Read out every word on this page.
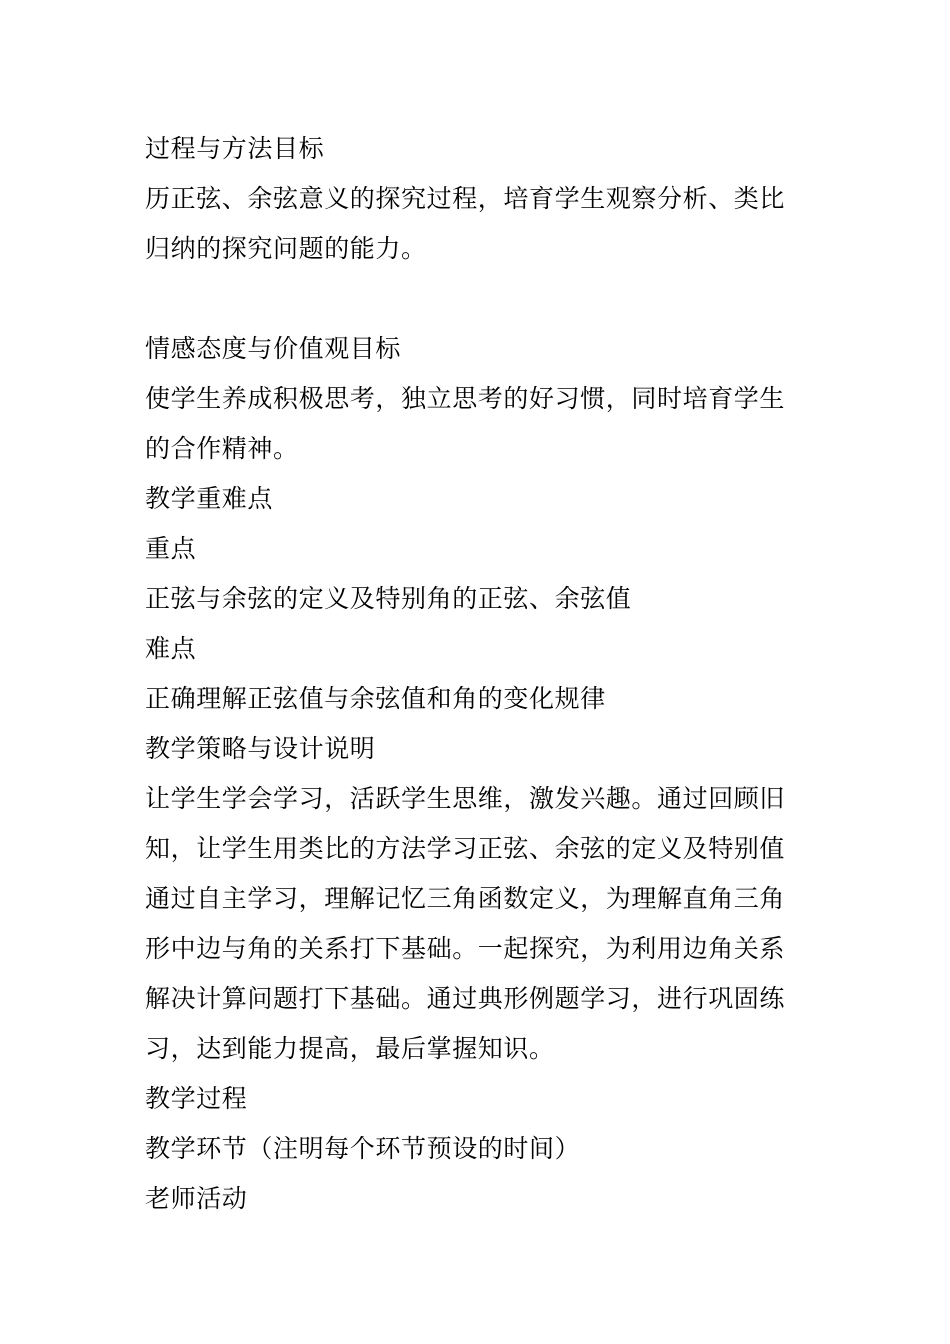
过程与方法目标
历正弦、余弦意义的探究过程，培育学生观察分析、类比
归纳的探究问题的能力。
情感态度与价值观目标
使学生养成积极思考，独立思考的好习惯，同时培育学生
的合作精神。
教学重难点
重点
正弦与余弦的定义及特别角的正弦、余弦值
难点
正确理解正弦值与余弦值和角的变化规律
教学策略与设计说明
让学生学会学习，活跃学生思维，激发兴趣。通过回顾旧
知，让学生用类比的方法学习正弦、余弦的定义及特别值
通过自主学习，理解记忆三角函数定义，为理解直角三角
形中边与角的关系打下基础。一起探究，为利用边角关系
解决计算问题打下基础。通过典形例题学习，进行巩固练
习，达到能力提高，最后掌握知识。
教学过程
教学环节（注明每个环节预设的时间）
老师活动
